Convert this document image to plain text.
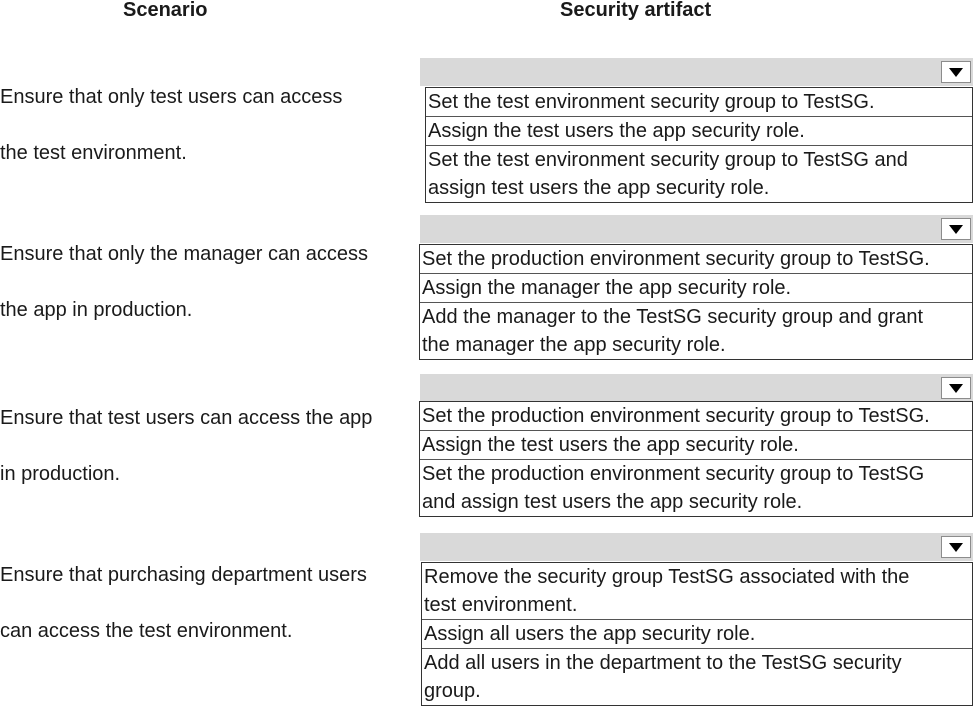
Scenario	Security artifact

Ensure that only test users can access

the test environment.

Set the test environment security group to TestSG.
Assign the test users the app security role.
Set the test environment security group to TestSG and
assign test users the app security role.

Ensure that only the manager can access

the app in production.

Set the production environment security group to TestSG.
Assign the manager the app security role.
Add the manager to the TestSG security group and grant
the manager the app security role.

Ensure that test users can access the app

in production.

Set the production environment security group to TestSG.
Assign the test users the app security role.
Set the production environment security group to TestSG
and assign test users the app security role.

Ensure that purchasing department users

can access the test environment.

Remove the security group TestSG associated with the
test environment.
Assign all users the app security role.
Add all users in the department to the TestSG security
group.
